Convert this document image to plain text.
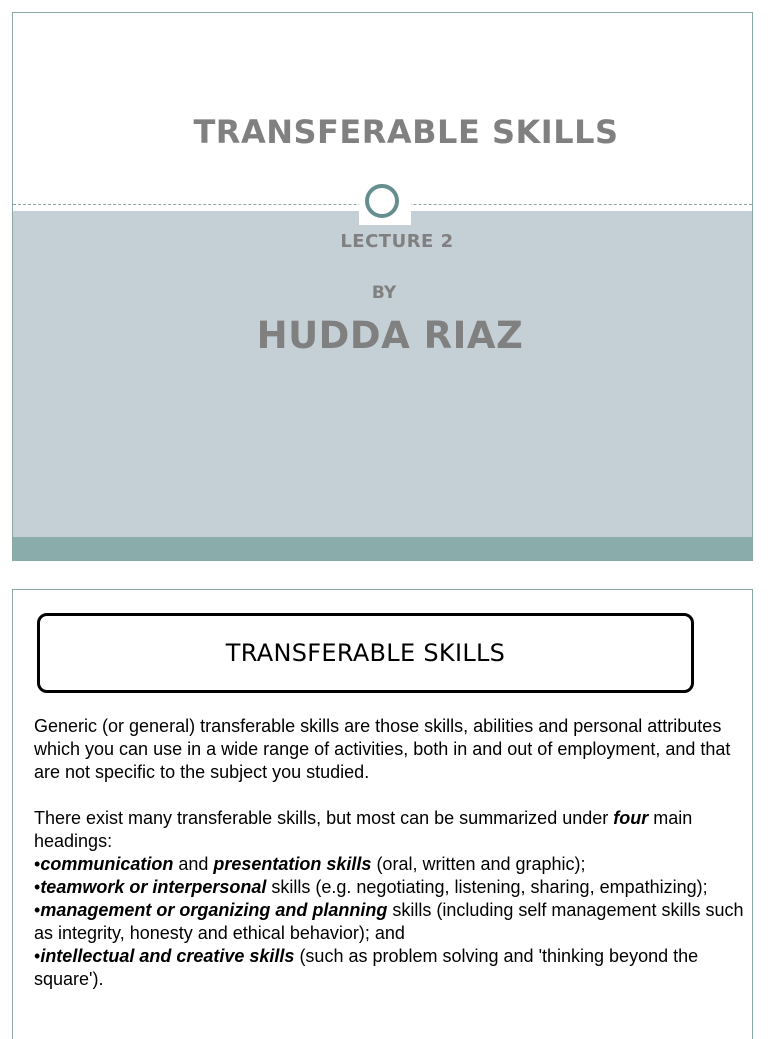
TRANSFERABLE SKILLS
LECTURE 2
BY
HUDDA RIAZ
TRANSFERABLE SKILLS

Generic (or general) transferable skills are those skills, abilities and personal attributes which you can use in a wide range of activities, both in and out of employment, and that are not specific to the subject you studied.

There exist many transferable skills, but most can be summarized under four main headings:

•communication and presentation skills (oral, written and graphic);

•teamwork or interpersonal skills (e.g. negotiating, listening, sharing, empathizing);

•management or organizing and planning skills (including self management skills such as integrity, honesty and ethical behavior); and

•intellectual and creative skills (such as problem solving and 'thinking beyond the square').
